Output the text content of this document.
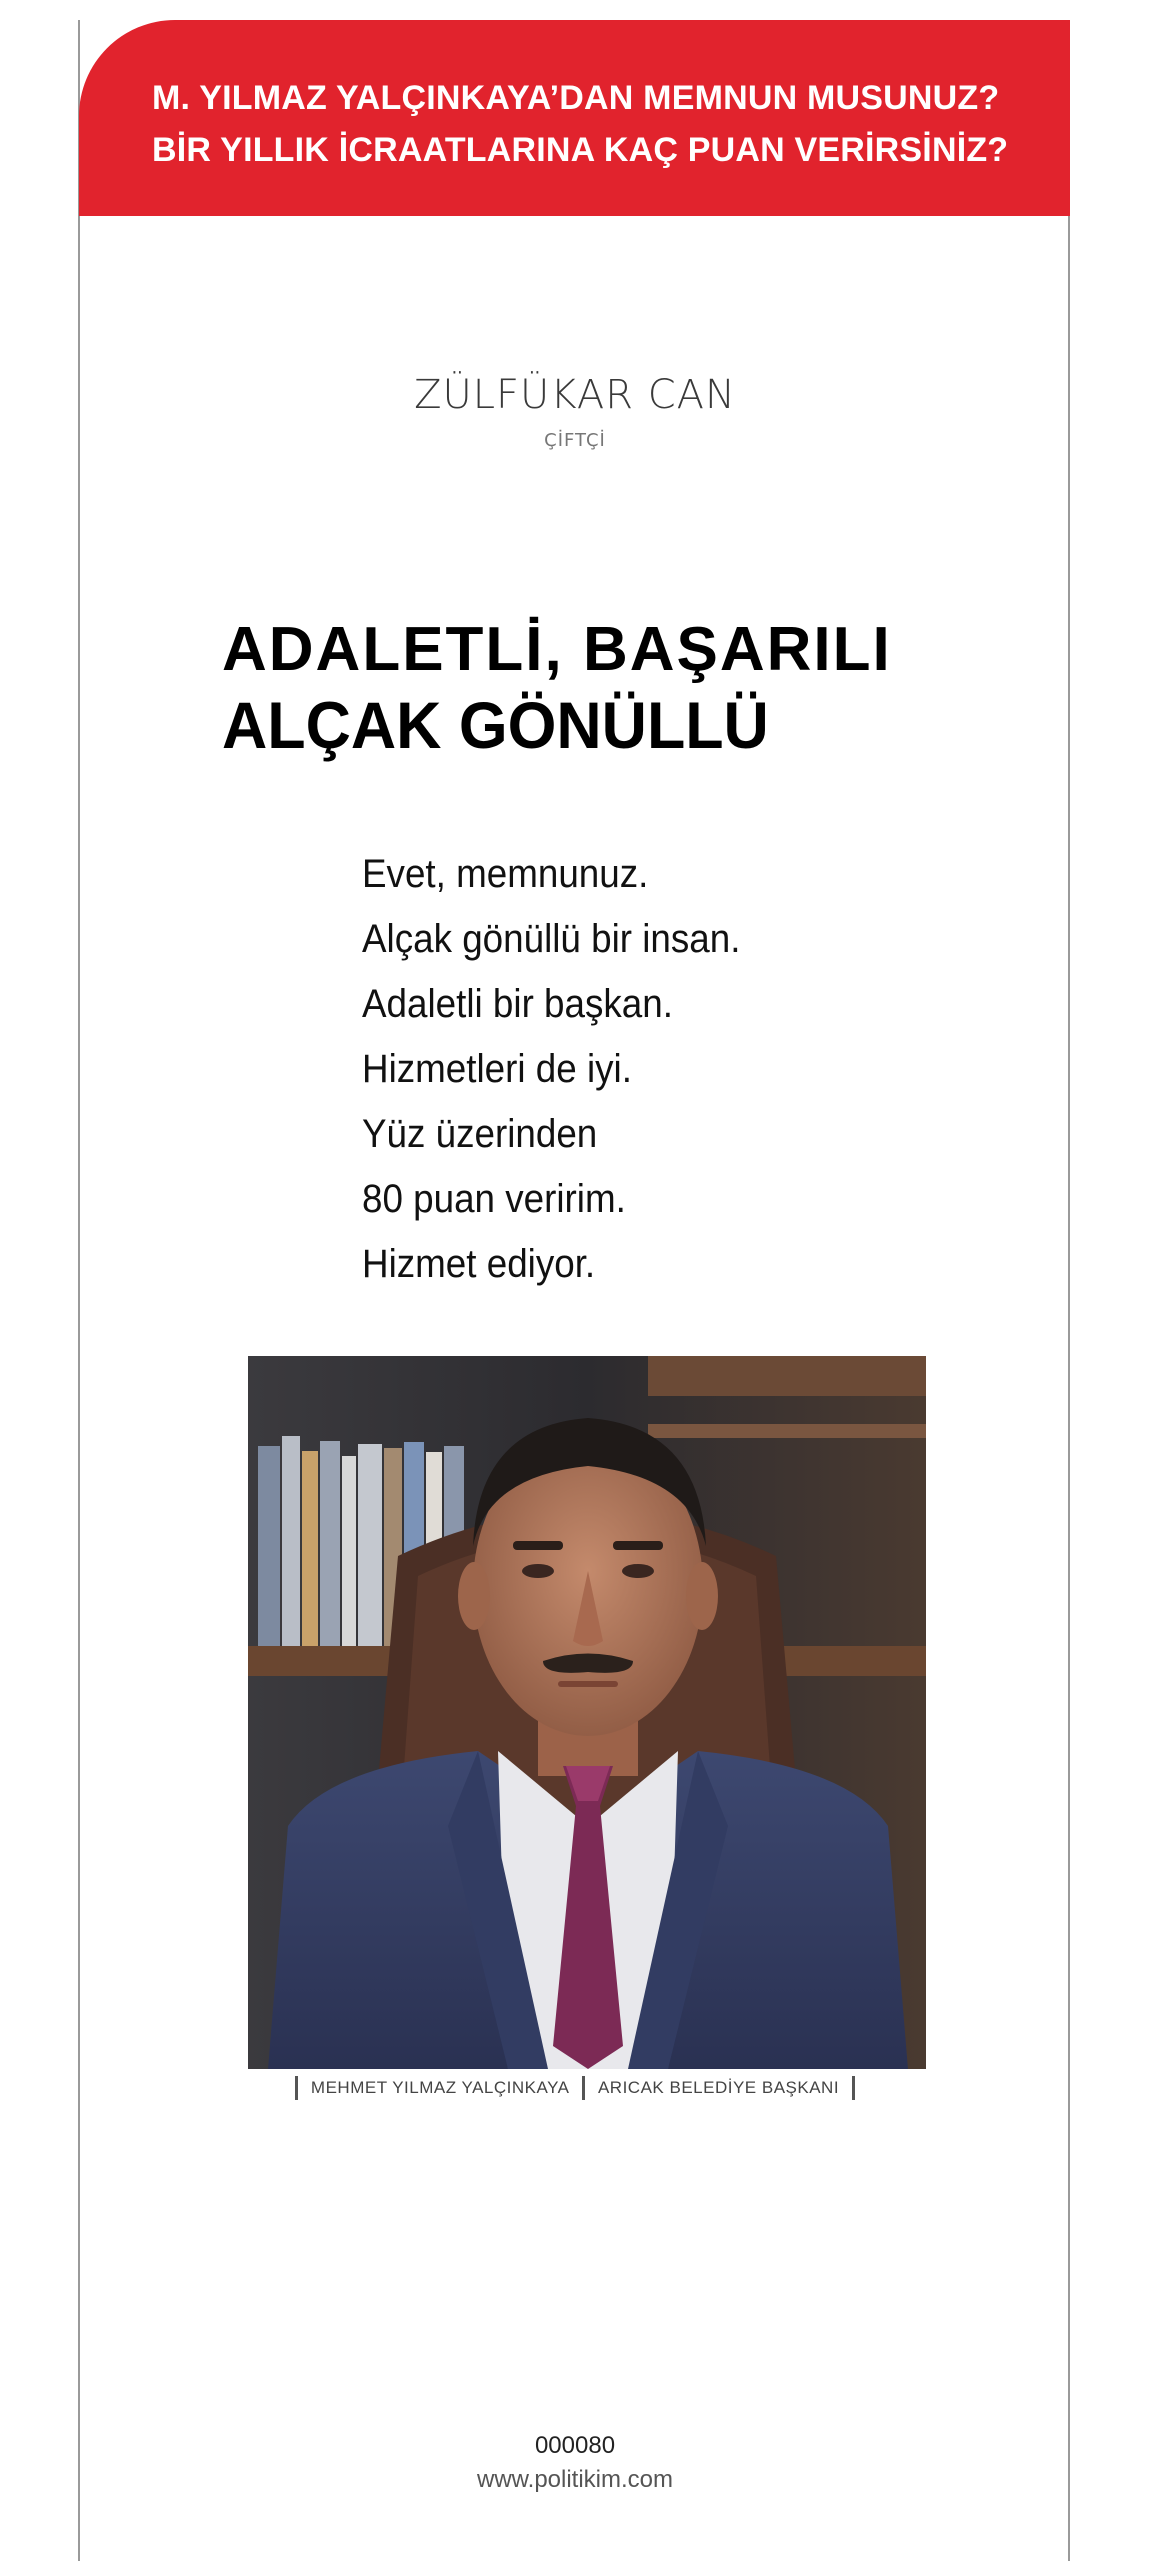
M. YILMAZ YALÇINKAYA’DAN MEMNUN MUSUNUZ?
BİR YILLIK İCRAATLARINA KAÇ PUAN VERİRSİNİZ?
ZÜLFÜKAR CAN
ÇİFTÇİ
ADALETLİ, BAŞARILI
ALÇAK GÖNÜLLÜ
Evet, memnunuz.
Alçak gönüllü bir insan.
Adaletli bir başkan.
Hizmetleri de iyi.
Yüz üzerinden
80 puan veririm.
Hizmet ediyor.
MEHMET YILMAZ YALÇINKAYA ARICAK BELEDİYE BAŞKANI
000080
www.politikim.com
